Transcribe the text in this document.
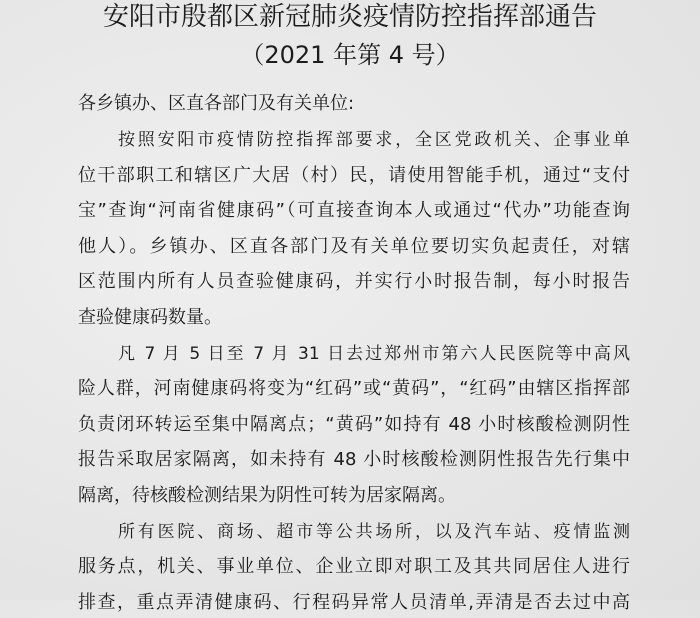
安阳市殷都区新冠肺炎疫情防控指挥部通告
（2021 年第 4 号）
各乡镇办、区直各部门及有关单位:
按照安阳市疫情防控指挥部要求，全区党政机关、企事业单
位干部职工和辖区广大居（村）民，请使用智能手机，通过“支付
宝”查询“河南省健康码”（可直接查询本人或通过“代办”功能查询
他人）。乡镇办、区直各部门及有关单位要切实负起责任，对辖
区范围内所有人员查验健康码，并实行小时报告制，每小时报告
查验健康码数量。
凡 7 月 5 日至 7 月 31 日去过郑州市第六人民医院等中高风
险人群，河南健康码将变为“红码”或“黄码”，“红码”由辖区指挥部
负责闭环转运至集中隔离点；“黄码”如持有 48 小时核酸检测阴性
报告采取居家隔离，如未持有 48 小时核酸检测阴性报告先行集中
隔离，待核酸检测结果为阴性可转为居家隔离。
所有医院、商场、超市等公共场所，以及汽车站、疫情监测
服务点，机关、事业单位、企业立即对职工及其共同居住人进行
排查，重点弄清健康码、行程码异常人员清单,弄清是否去过中高
